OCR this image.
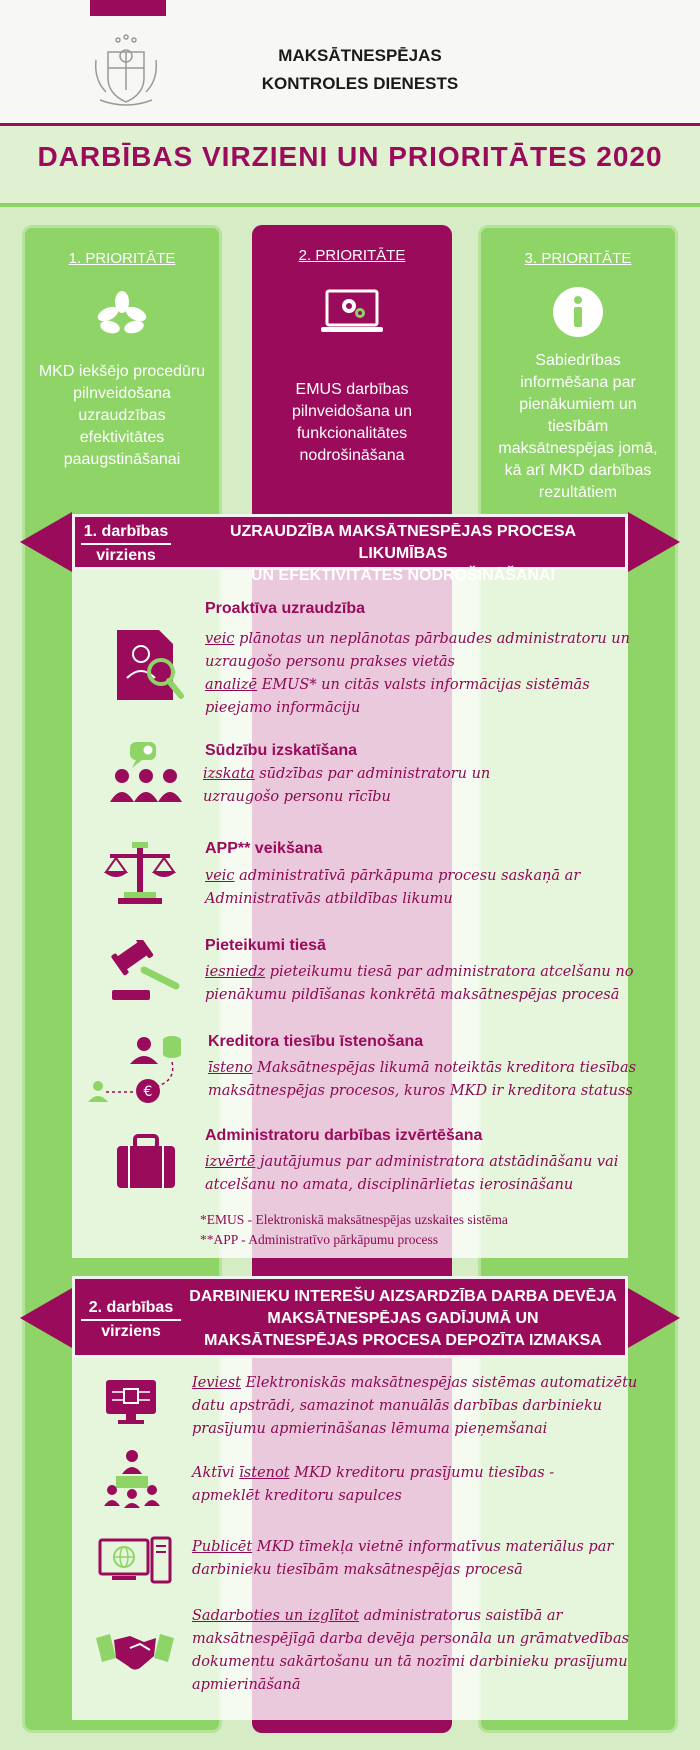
MAKSĀTNESPĒJAS
KONTROLES DIENESTS
DARBĪBAS VIRZIENI UN PRIORITĀTES 2020
1. PRIORITĀTE
MKD iekšējo procedūru pilnveidošana uzraudzības efektivitātes paaugstināšanai
2. PRIORITĀTE
EMUS darbības pilnveidošana un funkcionalitātes nodrošināšana
3. PRIORITĀTE
Sabiedrības informēšana par pienākumiem un tiesībām maksātnespējas jomā, kā arī MKD darbības rezultātiem
1. darbības
virziens
UZRAUDZĪBA MAKSĀTNESPĒJAS PROCESA LIKUMĪBAS
UN EFEKTIVITĀTES NODROŠINĀŠANAI
Proaktīva uzraudzība
veic plānotas un neplānotas pārbaudes administratoru un
uzraugošo personu prakses vietās
analizē EMUS* un citās valsts informācijas sistēmās
pieejamo informāciju
Sūdzību izskatīšana
izskata sūdzības par administratoru un
uzraugošo personu rīcību
APP** veikšana
veic administratīvā pārkāpuma procesu saskaņā ar
Administratīvās atbildības likumu
Pieteikumi tiesā
iesniedz pieteikumu tiesā par administratora atcelšanu no
pienākumu pildīšanas konkrētā maksātnespējas procesā
€
Kreditora tiesību īstenošana
īsteno Maksātnespējas likumā noteiktās kreditora tiesības
maksātnespējas procesos, kuros MKD ir kreditora statuss
Administratoru darbības izvērtēšana
izvērtē jautājumus par administratora atstādināšanu vai
atcelšanu no amata, disciplinārlietas ierosināšanu
*EMUS - Elektroniskā maksātnespējas uzskaites sistēma
**APP - Administratīvo pārkāpumu process
2. darbības
virziens
DARBINIEKU INTEREŠU AIZSARDZĪBA DARBA DEVĒJA
MAKSĀTNESPĒJAS GADĪJUMĀ UN
MAKSĀTNESPĒJAS PROCESA DEPOZĪTA IZMAKSA
Ieviest Elektroniskās maksātnespējas sistēmas automatizētu
datu apstrādi, samazinot manuālās darbības darbinieku
prasījumu apmierināšanas lēmuma pieņemšanai
Aktīvi īstenot MKD kreditoru prasījumu tiesības -
apmeklēt kreditoru sapulces
Publicēt MKD tīmekļa vietnē informatīvus materiālus par
darbinieku tiesībām maksātnespējas procesā
Sadarboties un izglītot administratorus saistībā ar
maksātnespējīgā darba devēja personāla un grāmatvedības
dokumentu sakārtošanu un tā nozīmi darbinieku prasījumu
apmierināšanā
